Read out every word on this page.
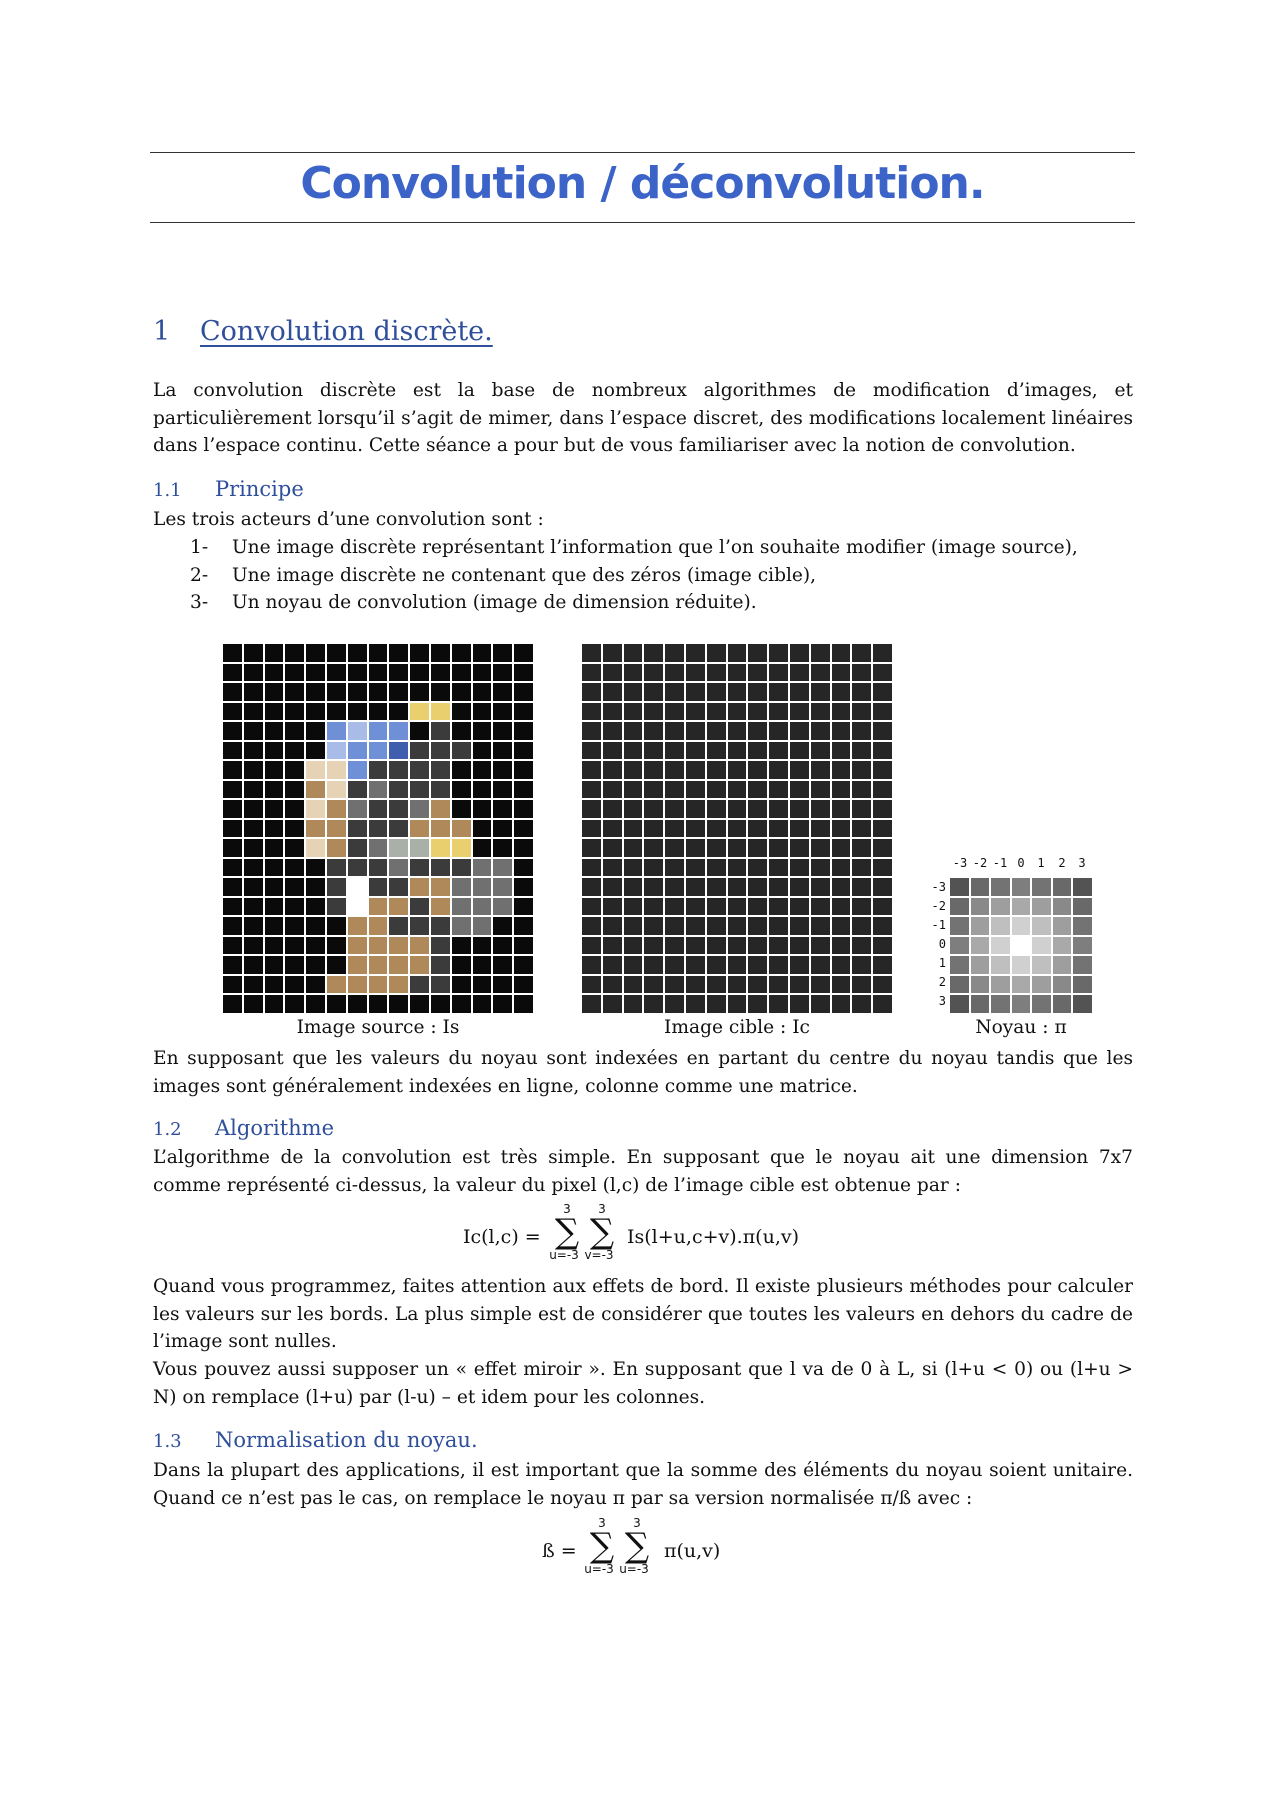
Convolution / déconvolution.
1 Convolution discrète.

La convolution discrète est la base de nombreux algorithmes de modification d’images, et particulièrement lorsqu’il s’agit de mimer, dans l’espace discret, des modifications localement linéaires dans l’espace continu. Cette séance a pour but de vous familiariser avec la notion de convolution.

1.1 Principe

Les trois acteurs d’une convolution sont :

1- Une image discrète représentant l’information que l’on souhaite modifier (image source),
2- Une image discrète ne contenant que des zéros (image cible),
3- Un noyau de convolution (image de dimension réduite).
-3 -2 -1 0	1	2	3
-3
-2
-1
0
1
2
3
Image source : Is	Image cible : Ic	Noyau : π

En supposant que les valeurs du noyau sont indexées en partant du centre du noyau tandis que les images sont généralement indexées en ligne, colonne comme une matrice.

1.2 Algorithme

L’algorithme de la convolution est très simple. En supposant que le noyau ait une dimension 7x7 comme représenté ci-dessus, la valeur du pixel (l,c) de l’image cible est obtenue par :

Ic(l,c) =
3
∑
u=-3
3
∑
v=-3
Is(l+u,c+v).π(u,v)

Quand vous programmez, faites attention aux effets de bord. Il existe plusieurs méthodes pour calculer les valeurs sur les bords. La plus simple est de considérer que toutes les valeurs en dehors du cadre de l’image sont nulles.

Vous pouvez aussi supposer un « effet miroir ». En supposant que l va de 0 à L, si (l+u < 0) ou (l+u > N) on remplace (l+u) par (l-u) – et idem pour les colonnes.

1.3 Normalisation du noyau.

Dans la plupart des applications, il est important que la somme des éléments du noyau soient unitaire. Quand ce n’est pas le cas, on remplace le noyau π par sa version normalisée π/ß avec :

ß =
3
∑
u=-3
3
∑
u=-3
π(u,v)
